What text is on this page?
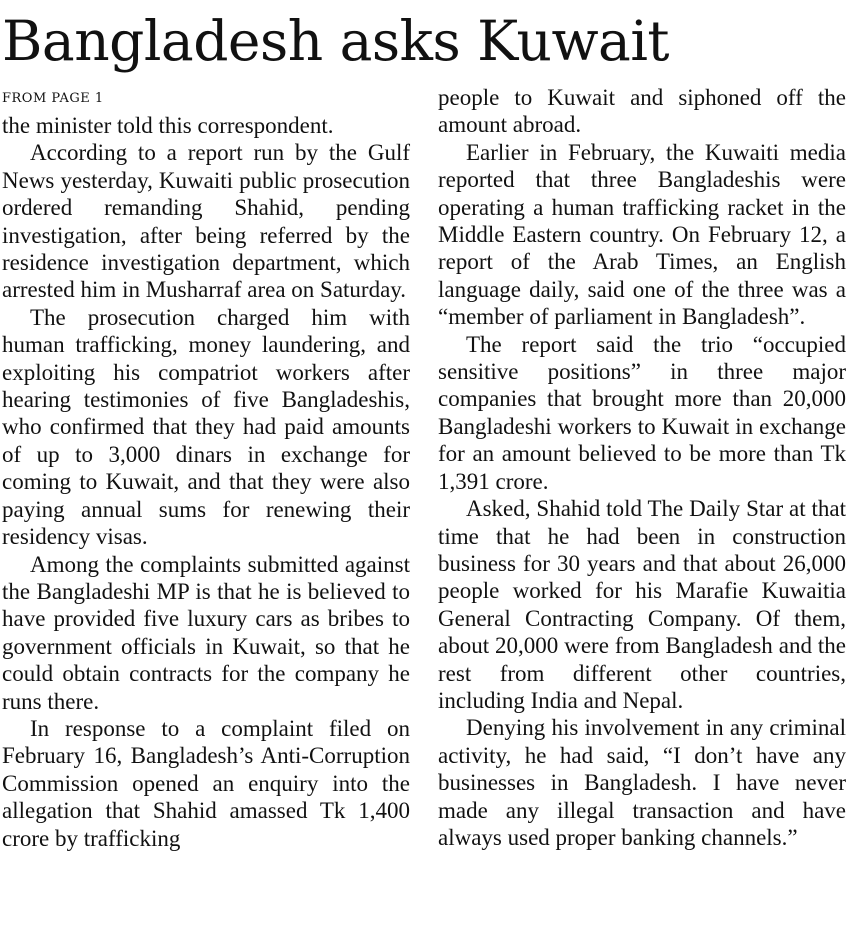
Bangladesh asks Kuwait
FROM PAGE 1

the minister told this correspondent.

According to a report run by the Gulf News yesterday, Kuwaiti public prosecution ordered remanding Shahid, pending investigation, after being referred by the residence investigation department, which arrested him in Musharraf area on Saturday.

The prosecution charged him with human trafficking, money laundering, and exploiting his compatriot workers after hearing testimonies of five Bangladeshis, who confirmed that they had paid amounts of up to 3,000 dinars in exchange for coming to Kuwait, and that they were also paying annual sums for renewing their residency visas.

Among the complaints submitted against the Bangladeshi MP is that he is believed to have provided five luxury cars as bribes to government officials in Kuwait, so that he could obtain contracts for the company he runs there.

In response to a complaint filed on February 16, Bangladesh’s Anti-Corruption Commission opened an enquiry into the allegation that Shahid amassed Tk 1,400 crore by trafficking

people to Kuwait and siphoned off the amount abroad.

Earlier in February, the Kuwaiti media reported that three Bangladeshis were operating a human trafficking racket in the Middle Eastern country. On February 12, a report of the Arab Times, an English language daily, said one of the three was a “member of parliament in Bangladesh”.

The report said the trio “occupied sensitive positions” in three major companies that brought more than 20,000 Bangladeshi workers to Kuwait in exchange for an amount believed to be more than Tk 1,391 crore.

Asked, Shahid told The Daily Star at that time that he had been in construction business for 30 years and that about 26,000 people worked for his Marafie Kuwaitia General Contracting Company. Of them, about 20,000 were from Bangladesh and the rest from different other countries, including India and Nepal.

Denying his involvement in any criminal activity, he had said, “I don’t have any businesses in Bangladesh. I have never made any illegal transaction and have always used proper banking channels.”
